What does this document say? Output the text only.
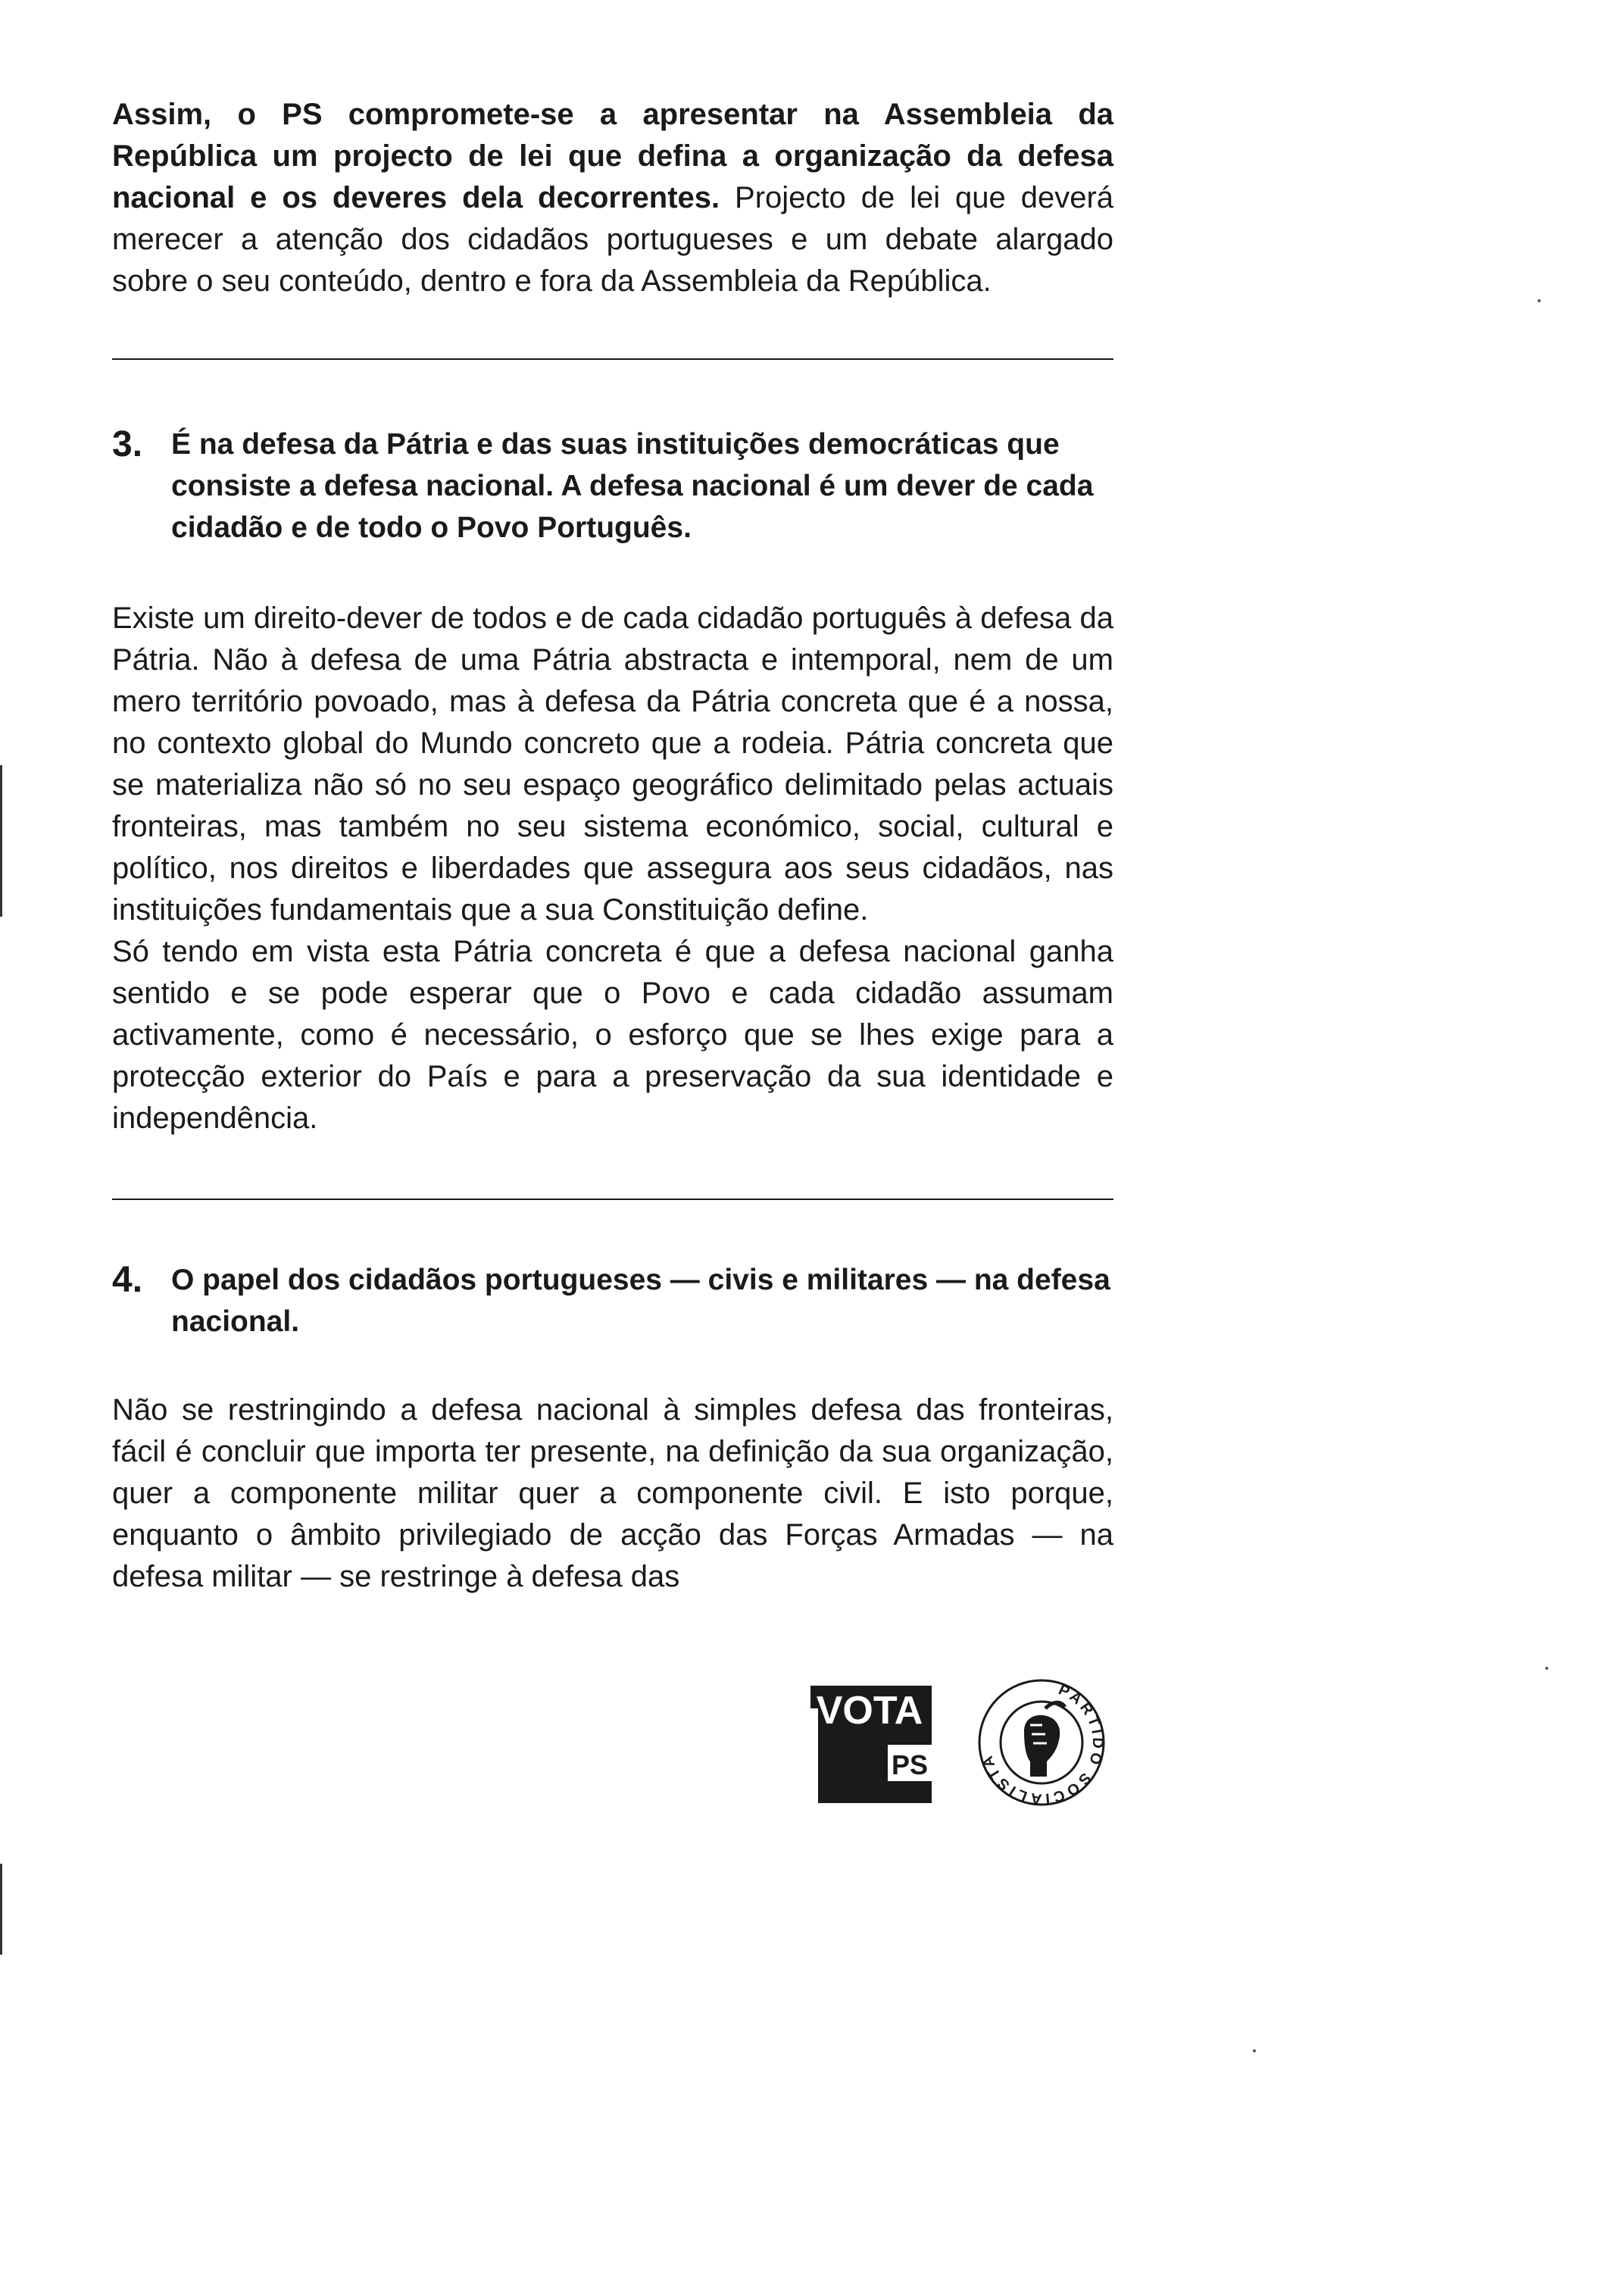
Assim, o PS compromete-se a apresentar na Assembleia da República um projecto de lei que defina a organização da defesa nacional e os deveres dela decorrentes. Projecto de lei que deverá merecer a atenção dos cidadãos portugueses e um debate alargado sobre o seu conteúdo, dentro e fora da Assembleia da República.

3. É na defesa da Pátria e das suas instituições democráticas que consiste a defesa nacional. A defesa nacional é um dever de cada cidadão e de todo o Povo Português.

Existe um direito-dever de todos e de cada cidadão português à defesa da Pátria. Não à defesa de uma Pátria abstracta e intemporal, nem de um mero território povoado, mas à defesa da Pátria concreta que é a nossa, no contexto global do Mundo concreto que a rodeia. Pátria concreta que se materializa não só no seu espaço geográfico delimitado pelas actuais fronteiras, mas também no seu sistema económico, social, cultural e político, nos direitos e liberdades que assegura aos seus cidadãos, nas instituições fundamentais que a sua Constituição define.

Só tendo em vista esta Pátria concreta é que a defesa nacional ganha sentido e se pode esperar que o Povo e cada cidadão assumam activamente, como é necessário, o esforço que se lhes exige para a protecção exterior do País e para a preservação da sua identidade e independência.

4. O papel dos cidadãos portugueses — civis e militares — na defesa nacional.

Não se restringindo a defesa nacional à simples defesa das fronteiras, fácil é concluir que importa ter presente, na definição da sua organização, quer a componente militar quer a componente civil. E isto porque, enquanto o âmbito privilegiado de acção das Forças Armadas — na defesa militar — se restringe à defesa das

VOTA
PS
PARTIDO SOCIALISTA
